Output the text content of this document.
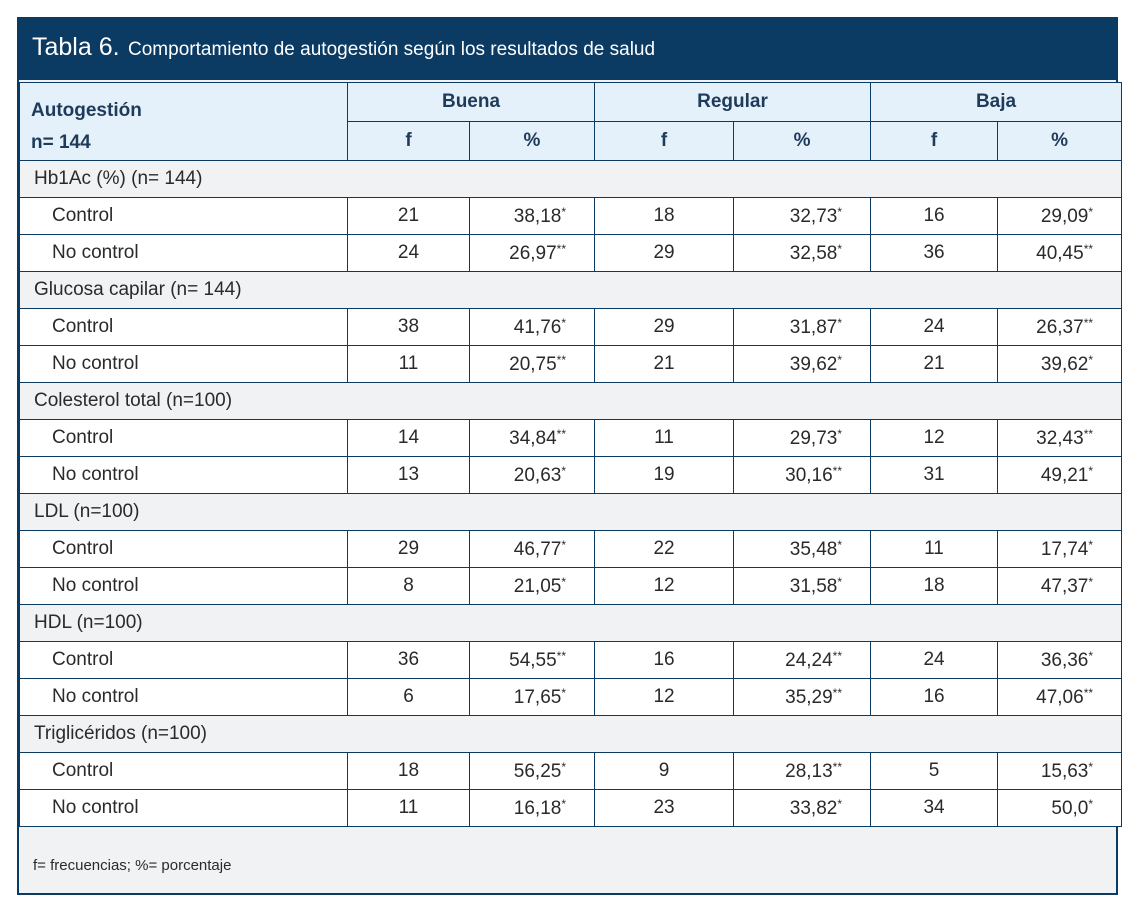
Tabla 6. Comportamiento de autogestión según los resultados de salud
Autogestión
n= 144	Buena		Regular		Baja	
	f	%	f	%	f	%
Hb1Ac (%) (n= 144)						
Control	21	38,18*	18	32,73*	16	29,09*
No control	24	26,97**	29	32,58*	36	40,45**
Glucosa capilar (n= 144)						
Control	38	41,76*	29	31,87*	24	26,37**
No control	11	20,75**	21	39,62*	21	39,62*
Colesterol total (n=100)						
Control	14	34,84**	11	29,73*	12	32,43**
No control	13	20,63*	19	30,16**	31	49,21*
LDL (n=100)						
Control	29	46,77*	22	35,48*	11	17,74*
No control	8	21,05*	12	31,58*	18	47,37*
HDL (n=100)						
Control	36	54,55**	16	24,24**	24	36,36*
No control	6	17,65*	12	35,29**	16	47,06**
Triglicéridos (n=100)						
Control	18	56,25*	9	28,13**	5	15,63*
No control	11	16,18*	23	33,82*	34	50,0*
f= frecuencias; %= porcentaje
